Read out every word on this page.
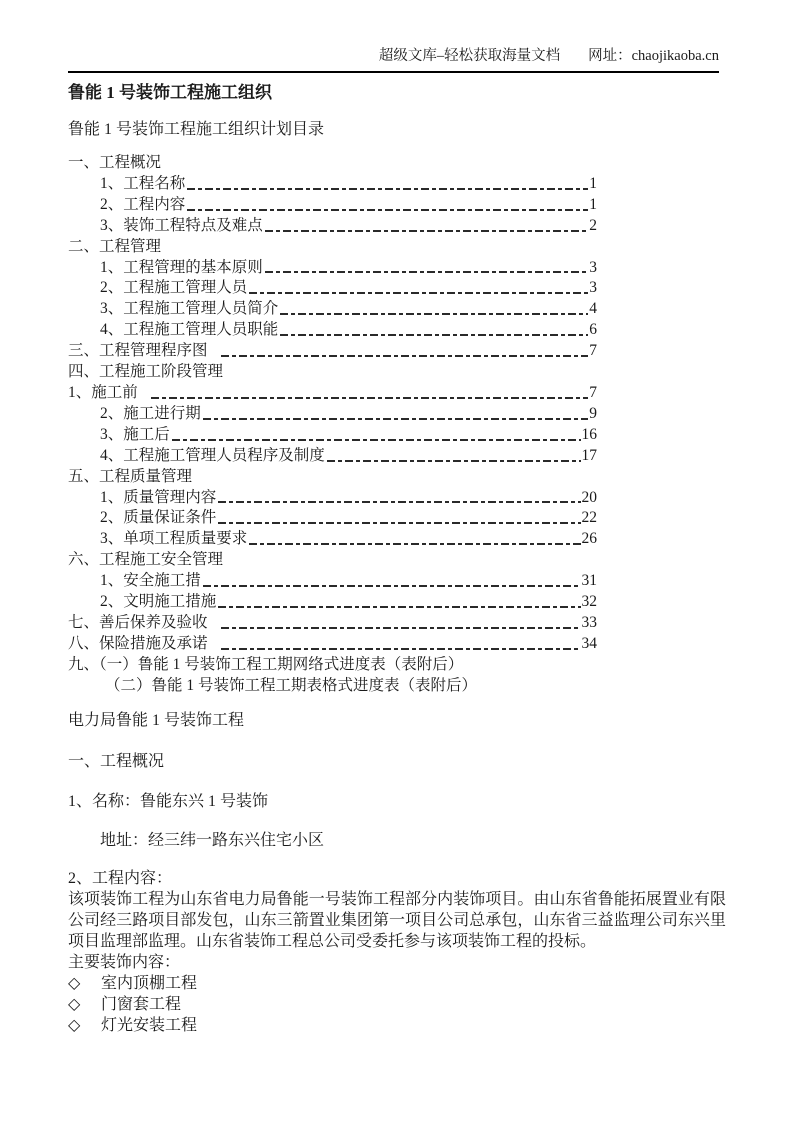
超级文库–轻松获取海量文档 网址：chaojikaoba.cn
鲁能 1 号装饰工程施工组织
鲁能 1 号装饰工程施工组织计划目录
一、工程概况
1、工程名称	1
2、工程内容	1
3、装饰工程特点及难点	2
二、工程管理
1、工程管理的基本原则	3
2、工程施工管理人员	3
3、工程施工管理人员简介	4
4、工程施工管理人员职能	6
三、工程管理程序图	7
四、工程施工阶段管理
1、施工前	7
2、施工进行期	9
3、施工后	16
4、工程施工管理人员程序及制度	17
五、工程质量管理
1、质量管理内容	20
2、质量保证条件	22
3、单项工程质量要求	26
六、工程施工安全管理
1、安全施工措	31
2、文明施工措施	32
七、善后保养及验收	33
八、保险措施及承诺	34
九、（一）鲁能 1 号装饰工程工期网络式进度表（表附后）
（二）鲁能 1 号装饰工程工期表格式进度表（表附后）
电力局鲁能 1 号装饰工程
一、工程概况
1、名称：鲁能东兴 1 号装饰
地址：经三纬一路东兴住宅小区
2、工程内容：
该项装饰工程为山东省电力局鲁能一号装饰工程部分内装饰项目。由山东省鲁能拓展置业有限公司经三路项目部发包，山东三箭置业集团第一项目公司总承包，山东省三益监理公司东兴里项目监理部监理。山东省装饰工程总公司受委托参与该项装饰工程的投标。
主要装饰内容：
◇	室内顶棚工程
◇	门窗套工程
◇	灯光安装工程
